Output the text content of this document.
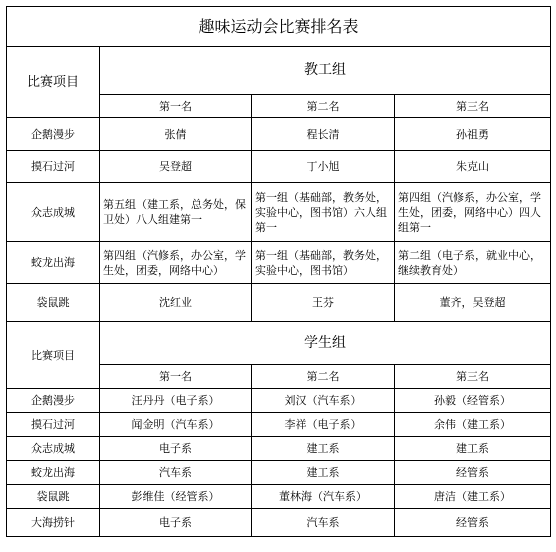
趣味运动会比赛排名表			
比赛项目	教工组		
	第一名	第二名	第三名
企鹅漫步	张倩	程长清	孙祖勇
摸石过河	吴登超	丁小旭	朱克山
众志成城	第五组（建工系，总务处，保卫处）八人组建第一	第一组（基础部，教务处，实验中心，图书馆）六人组第一	第四组（汽修系，办公室，学生处，团委，网络中心）四人组第一
蛟龙出海	第四组（汽修系，办公室，学生处，团委，网络中心）	第一组（基础部，教务处，实验中心，图书馆）	第二组（电子系，就业中心，继续教育处）
袋鼠跳	沈红业	王芬	董齐，吴登超
比赛项目	学生组		
	第一名	第二名	第三名
企鹅漫步	汪丹丹（电子系）	刘汉（汽车系）	孙毅（经管系）
摸石过河	闻金明（汽车系）	李祥（电子系）	余伟（建工系）
众志成城	电子系	建工系	建工系
蛟龙出海	汽车系	建工系	经管系
袋鼠跳	彭维佳（经管系）	董林海（汽车系）	唐洁（建工系）
大海捞针	电子系	汽车系	经管系
